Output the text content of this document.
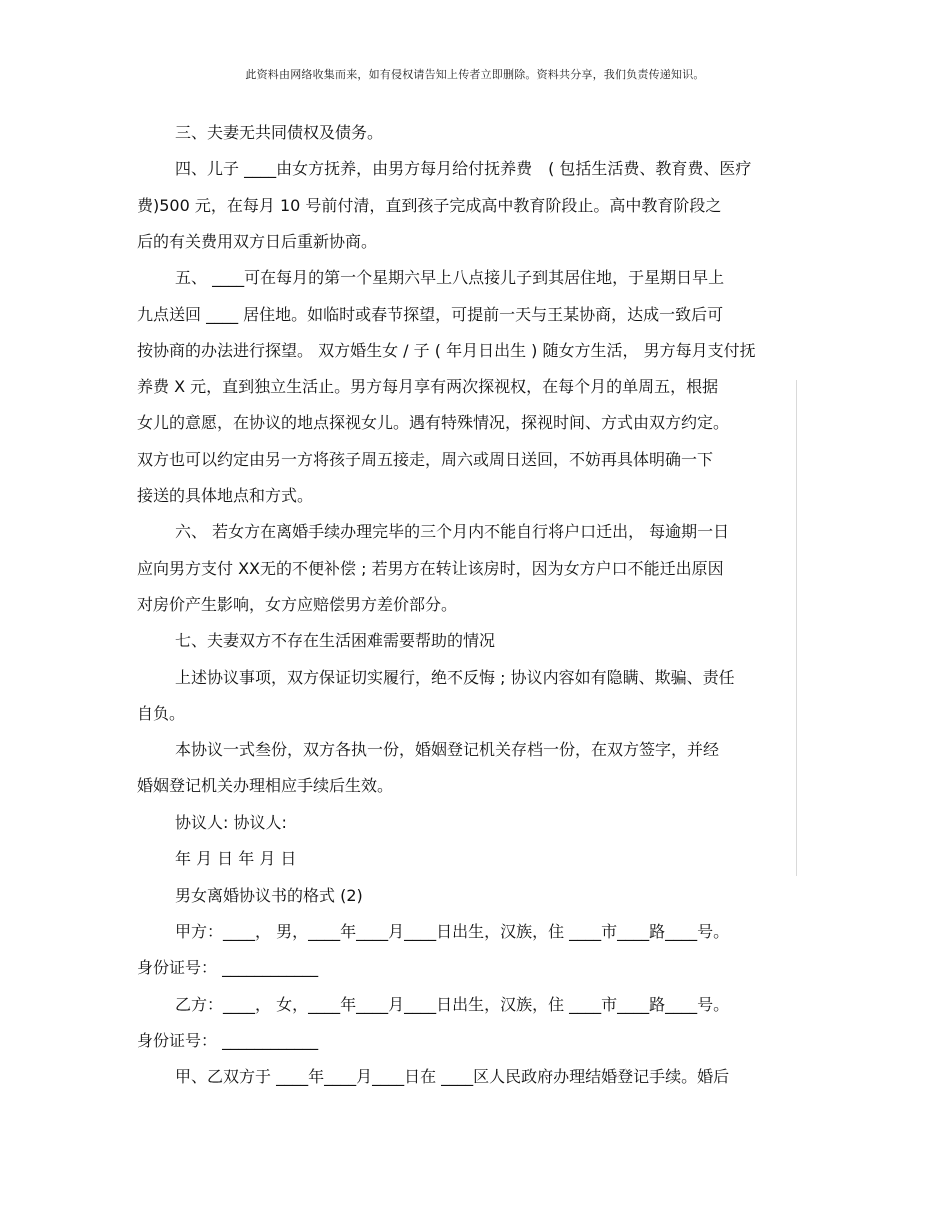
此资料由网络收集而来，如有侵权请告知上传者立即删除。资料共分享，我们负责传递知识。
三、夫妻无共同债权及债务。
四、儿子 ____由女方抚养，由男方每月给付抚养费　( 包括生活费、教育费、医疗
费)500 元，在每月 10 号前付清，直到孩子完成高中教育阶段止。高中教育阶段之
后的有关费用双方日后重新协商。
五、 ____可在每月的第一个星期六早上八点接儿子到其居住地，于星期日早上
九点送回 ____ 居住地。如临时或春节探望，可提前一天与王某协商，达成一致后可
按协商的办法进行探望。 双方婚生女 / 子 ( 年月日出生 ) 随女方生活， 男方每月支付抚
养费 X 元，直到独立生活止。男方每月享有两次探视权，在每个月的单周五，根据
女儿的意愿，在协议的地点探视女儿。遇有特殊情况，探视时间、方式由双方约定。
双方也可以约定由另一方将孩子周五接走，周六或周日送回，不妨再具体明确一下
接送的具体地点和方式。
六、 若女方在离婚手续办理完毕的三个月内不能自行将户口迁出， 每逾期一日
应向男方支付 XX无的不便补偿 ; 若男方在转让该房时，因为女方户口不能迁出原因
对房价产生影响，女方应赔偿男方差价部分。
七、夫妻双方不存在生活困难需要帮助的情况
上述协议事项，双方保证切实履行，绝不反悔 ; 协议内容如有隐瞒、欺骗、责任
自负。
本协议一式叁份，双方各执一份，婚姻登记机关存档一份，在双方签字，并经
婚姻登记机关办理相应手续后生效。
协议人: 协议人:
年 月 日 年 月 日
男女离婚协议书的格式 (2)
甲方：____， 男，____年____月____日出生，汉族，住 ____市____路____号。
身份证号： ____________
乙方：____， 女，____年____月____日出生，汉族，住 ____市____路____号。
身份证号： ____________
甲、乙双方于 ____年____月____日在 ____区人民政府办理结婚登记手续。婚后
